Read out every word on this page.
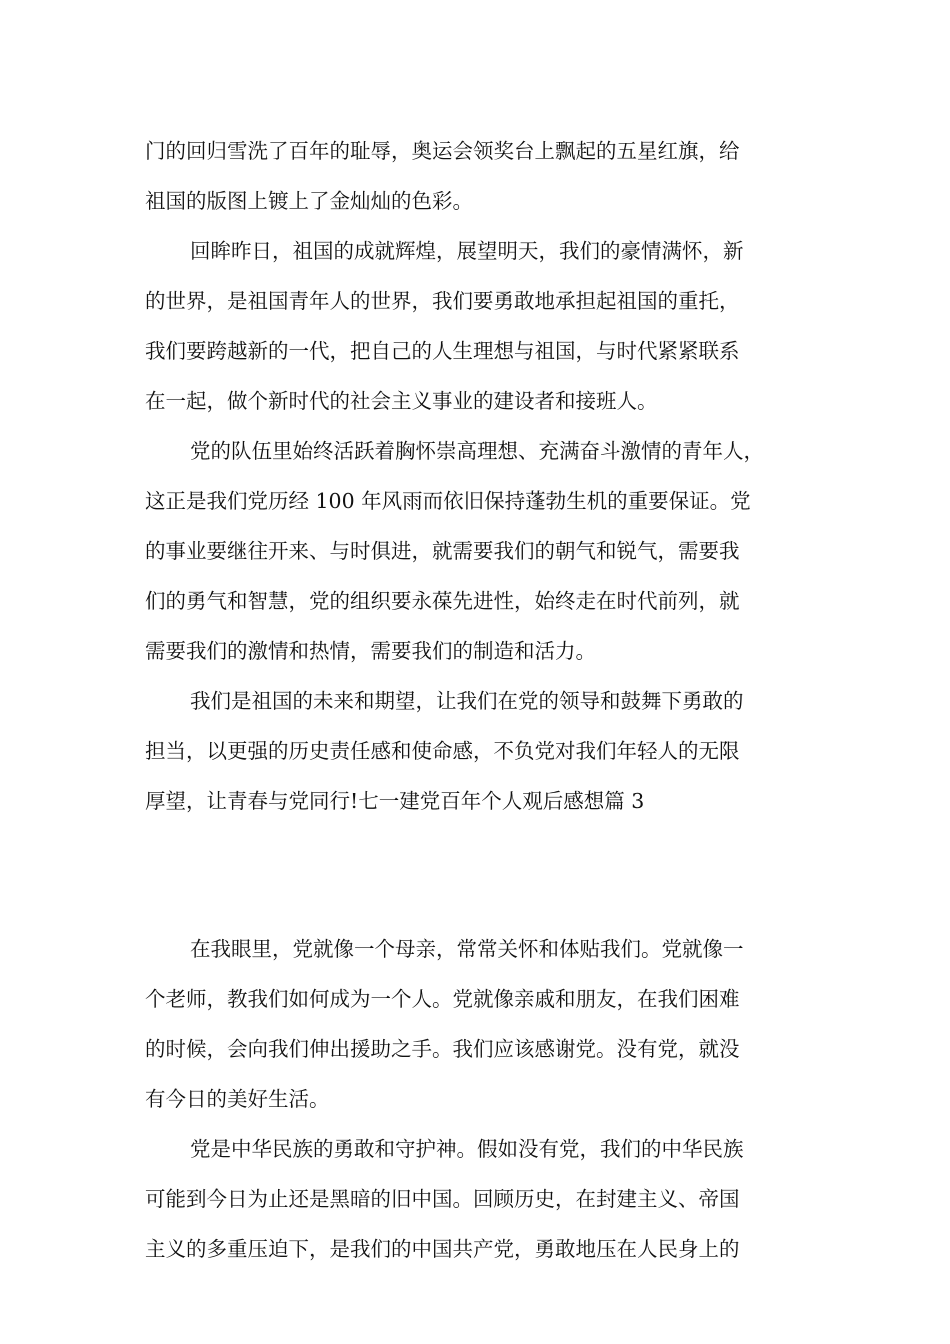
门的回归雪洗了百年的耻辱，奥运会领奖台上飘起的五星红旗，给
祖国的版图上镀上了金灿灿的色彩。
回眸昨日，祖国的成就辉煌，展望明天，我们的豪情满怀，新
的世界，是祖国青年人的世界，我们要勇敢地承担起祖国的重托，
我们要跨越新的一代，把自己的人生理想与祖国，与时代紧紧联系
在一起，做个新时代的社会主义事业的建设者和接班人。
党的队伍里始终活跃着胸怀崇高理想、充满奋斗激情的青年人，
这正是我们党历经 100 年风雨而依旧保持蓬勃生机的重要保证。党
的事业要继往开来、与时俱进，就需要我们的朝气和锐气，需要我
们的勇气和智慧，党的组织要永葆先进性，始终走在时代前列，就
需要我们的激情和热情，需要我们的制造和活力。
我们是祖国的未来和期望，让我们在党的领导和鼓舞下勇敢的
担当，以更强的历史责任感和使命感，不负党对我们年轻人的无限
厚望，让青春与党同行!七一建党百年个人观后感想篇 3
在我眼里，党就像一个母亲，常常关怀和体贴我们。党就像一
个老师，教我们如何成为一个人。党就像亲戚和朋友，在我们困难
的时候，会向我们伸出援助之手。我们应该感谢党。没有党，就没
有今日的美好生活。
党是中华民族的勇敢和守护神。假如没有党，我们的中华民族
可能到今日为止还是黑暗的旧中国。回顾历史，在封建主义、帝国
主义的多重压迫下，是我们的中国共产党，勇敢地压在人民身上的
